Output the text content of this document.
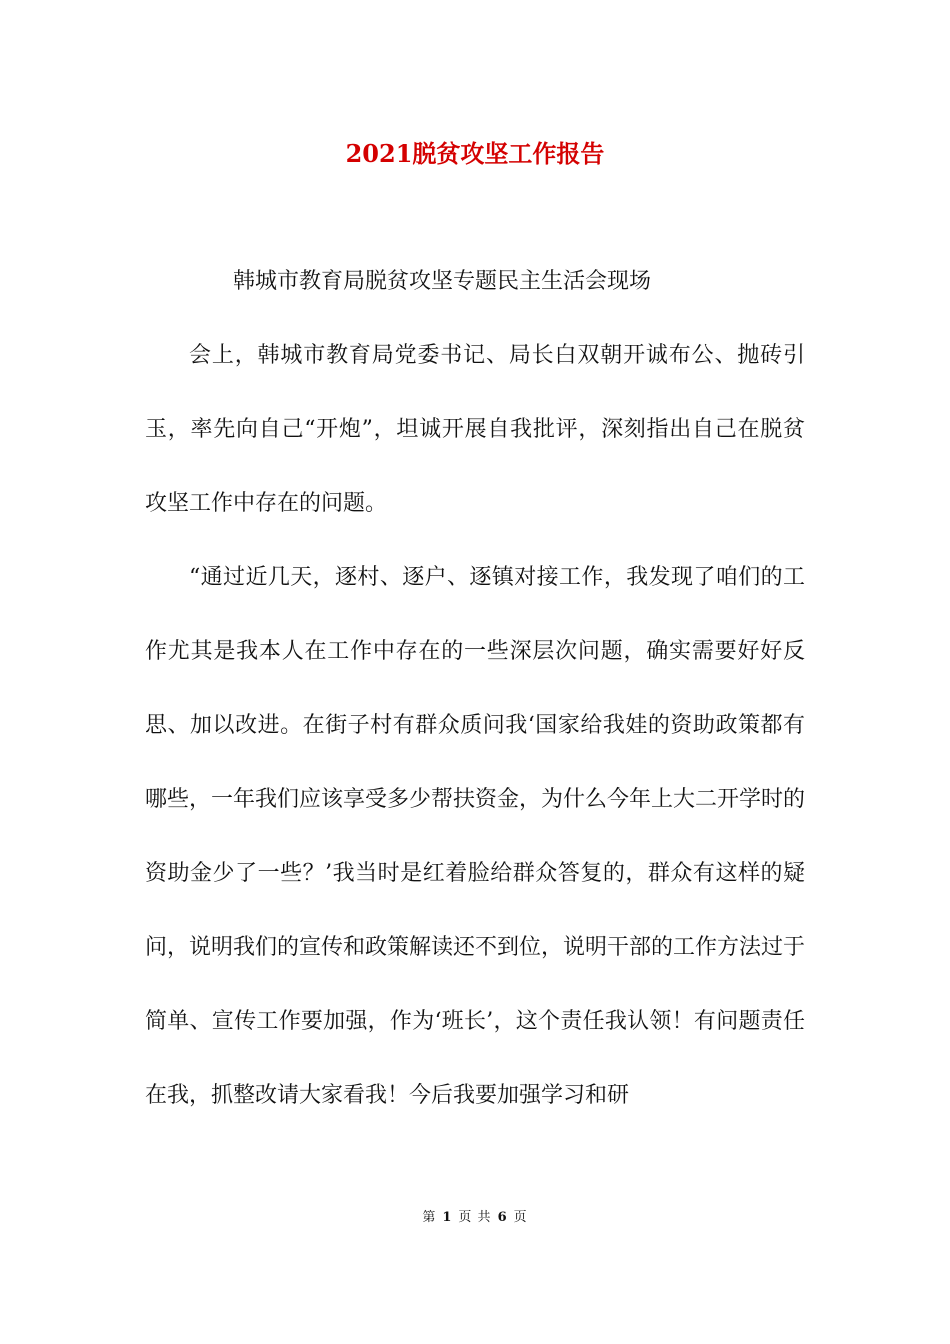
2021脱贫攻坚工作报告

韩城市教育局脱贫攻坚专题民主生活会现场

会上，韩城市教育局党委书记、局长白双朝开诚布公、抛砖引玉，率先向自己“开炮”，坦诚开展自我批评，深刻指出自己在脱贫攻坚工作中存在的问题。

“通过近几天，逐村、逐户、逐镇对接工作，我发现了咱们的工作尤其是我本人在工作中存在的一些深层次问题，确实需要好好反思、加以改进。在街子村有群众质问我‘国家给我娃的资助政策都有哪些，一年我们应该享受多少帮扶资金，为什么今年上大二开学时的资助金少了一些？’我当时是红着脸给群众答复的，群众有这样的疑问，说明我们的宣传和政策解读还不到位，说明干部的工作方法过于简单、宣传工作要加强，作为‘班长’，这个责任我认领！有问题责任在我，抓整改请大家看我！今后我要加强学习和研

第 1 页 共 6 页
